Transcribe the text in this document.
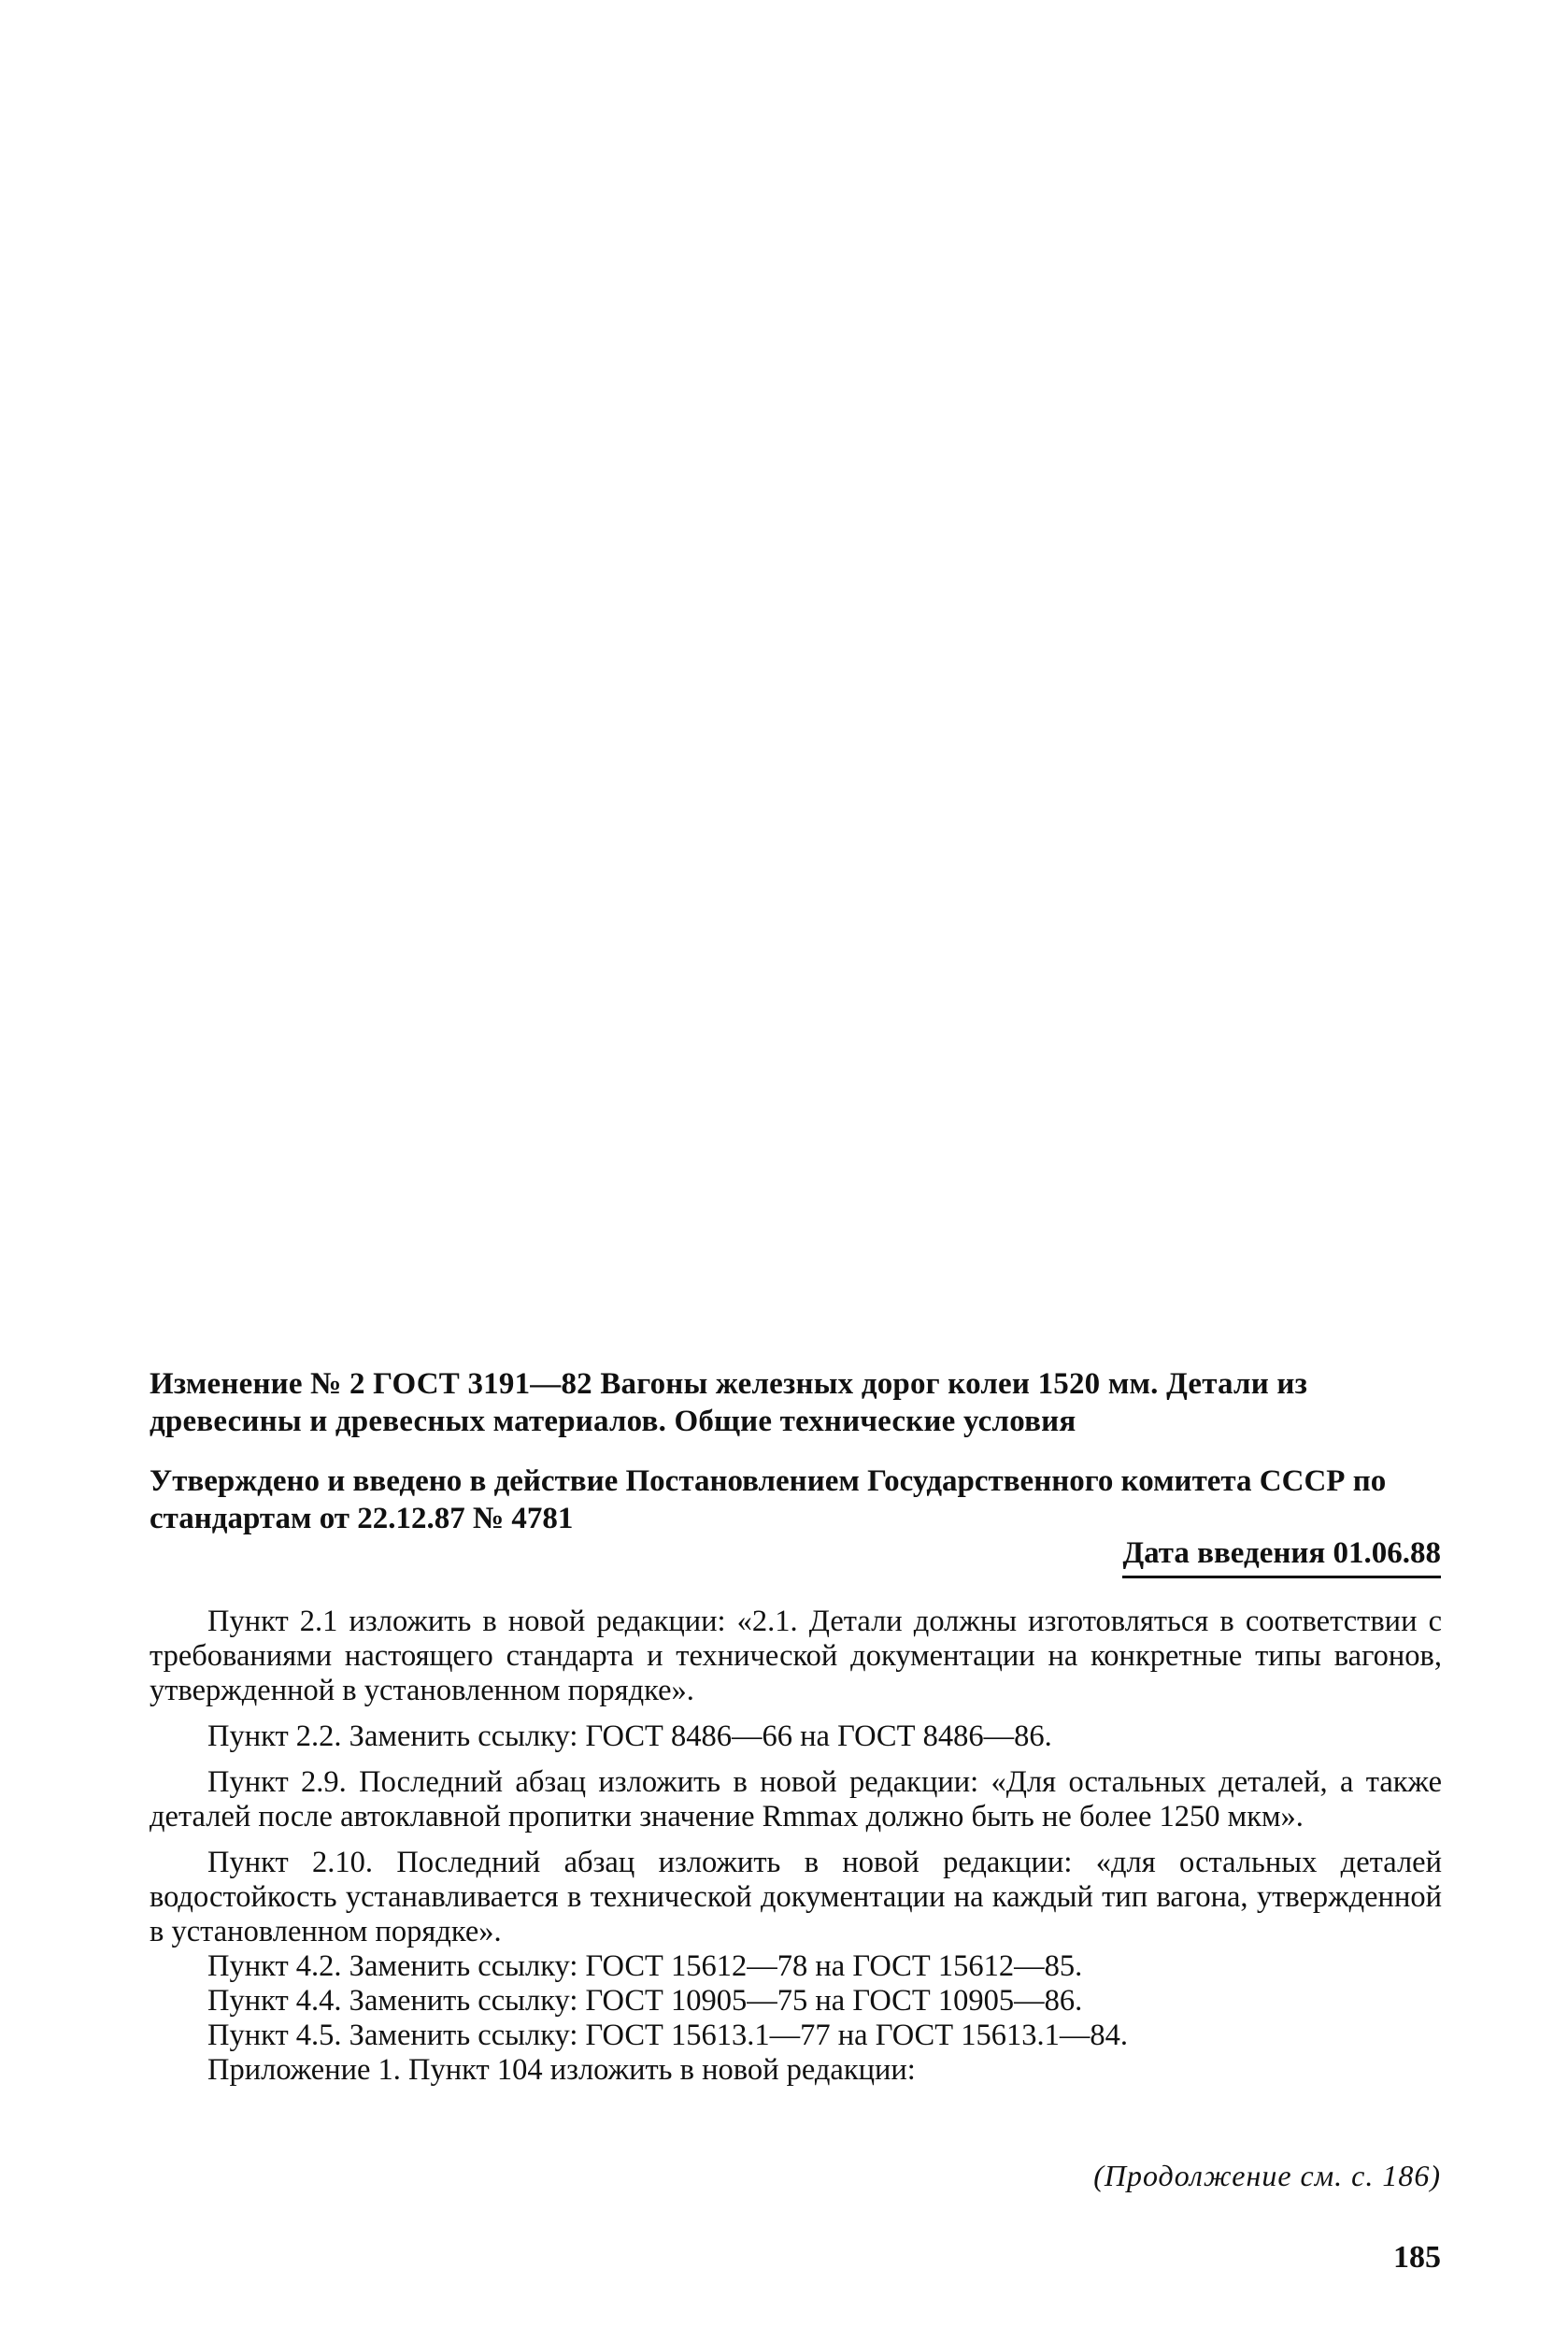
Изменение № 2 ГОСТ 3191—82 Вагоны железных дорог колеи 1520 мм. Детали из древесины и древесных материалов. Общие технические условия
Утверждено и введено в действие Постановлением Государственного комитета СССР по стандартам от 22.12.87 № 4781
Дата введения 01.06.88

Пункт 2.1 изложить в новой редакции: «2.1. Детали должны изготовляться в соответствии с требованиями настоящего стандарта и технической документации на конкретные типы вагонов, утвержденной в установленном порядке».

Пункт 2.2. Заменить ссылку: ГОСТ 8486—66 на ГОСТ 8486—86.

Пункт 2.9. Последний абзац изложить в новой редакции: «Для остальных деталей, а также деталей после автоклавной пропитки значение Rmmax должно быть не более 1250 мкм».

Пункт 2.10. Последний абзац изложить в новой редакции: «для остальных деталей водостойкость устанавливается в технической документации на каждый тип вагона, утвержденной в установленном порядке».

Пункт 4.2. Заменить ссылку: ГОСТ 15612—78 на ГОСТ 15612—85.

Пункт 4.4. Заменить ссылку: ГОСТ 10905—75 на ГОСТ 10905—86.

Пункт 4.5. Заменить ссылку: ГОСТ 15613.1—77 на ГОСТ 15613.1—84.

Приложение 1. Пункт 104 изложить в новой редакции:

(Продолжение см. с. 186)
185
